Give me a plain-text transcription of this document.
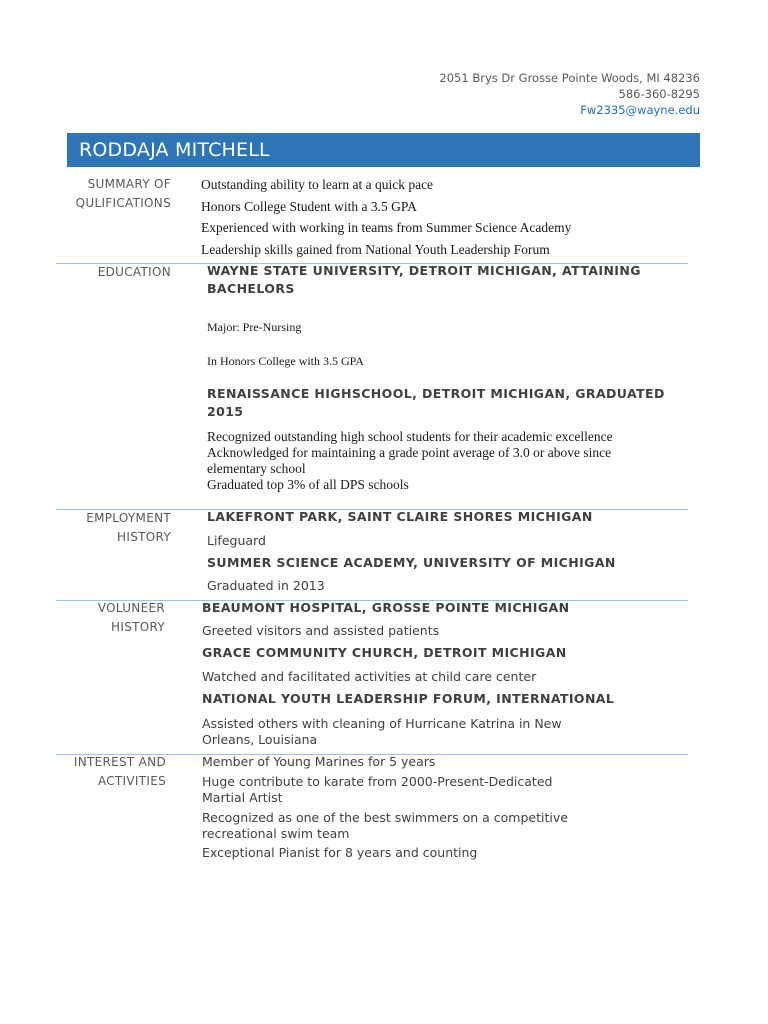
2051 Brys Dr Grosse Pointe Woods, MI 48236
586-360-8295
Fw2335@wayne.edu
RODDAJA MITCHELL
SUMMARY OF
QULIFICATIONS
Outstanding ability to learn at a quick pace
Honors College Student with a 3.5 GPA
Experienced with working in teams from Summer Science Academy
Leadership skills gained from National Youth Leadership Forum
EDUCATION	WAYNE STATE UNIVERSITY, DETROIT MICHIGAN, ATTAINING
BACHELORS
Major: Pre-Nursing
In Honors College with 3.5 GPA
RENAISSANCE HIGHSCHOOL, DETROIT MICHIGAN, GRADUATED
2015
Recognized outstanding high school students for their academic excellence
Acknowledged for maintaining a grade point average of 3.0 or above since
elementary school
Graduated top 3% of all DPS schools
EMPLOYMENT
HISTORY
LAKEFRONT PARK, SAINT CLAIRE SHORES MICHIGAN
Lifeguard
SUMMER SCIENCE ACADEMY, UNIVERSITY OF MICHIGAN
Graduated in 2013
VOLUNEER
HISTORY
BEAUMONT HOSPITAL, GROSSE POINTE MICHIGAN
Greeted visitors and assisted patients
GRACE COMMUNITY CHURCH, DETROIT MICHIGAN
Watched and facilitated activities at child care center
NATIONAL YOUTH LEADERSHIP FORUM, INTERNATIONAL
Assisted others with cleaning of Hurricane Katrina in New
Orleans, Louisiana
INTEREST AND
ACTIVITIES
Member of Young Marines for 5 years
Huge contribute to karate from 2000-Present-Dedicated
Martial Artist
Recognized as one of the best swimmers on a competitive
recreational swim team
Exceptional Pianist for 8 years and counting
